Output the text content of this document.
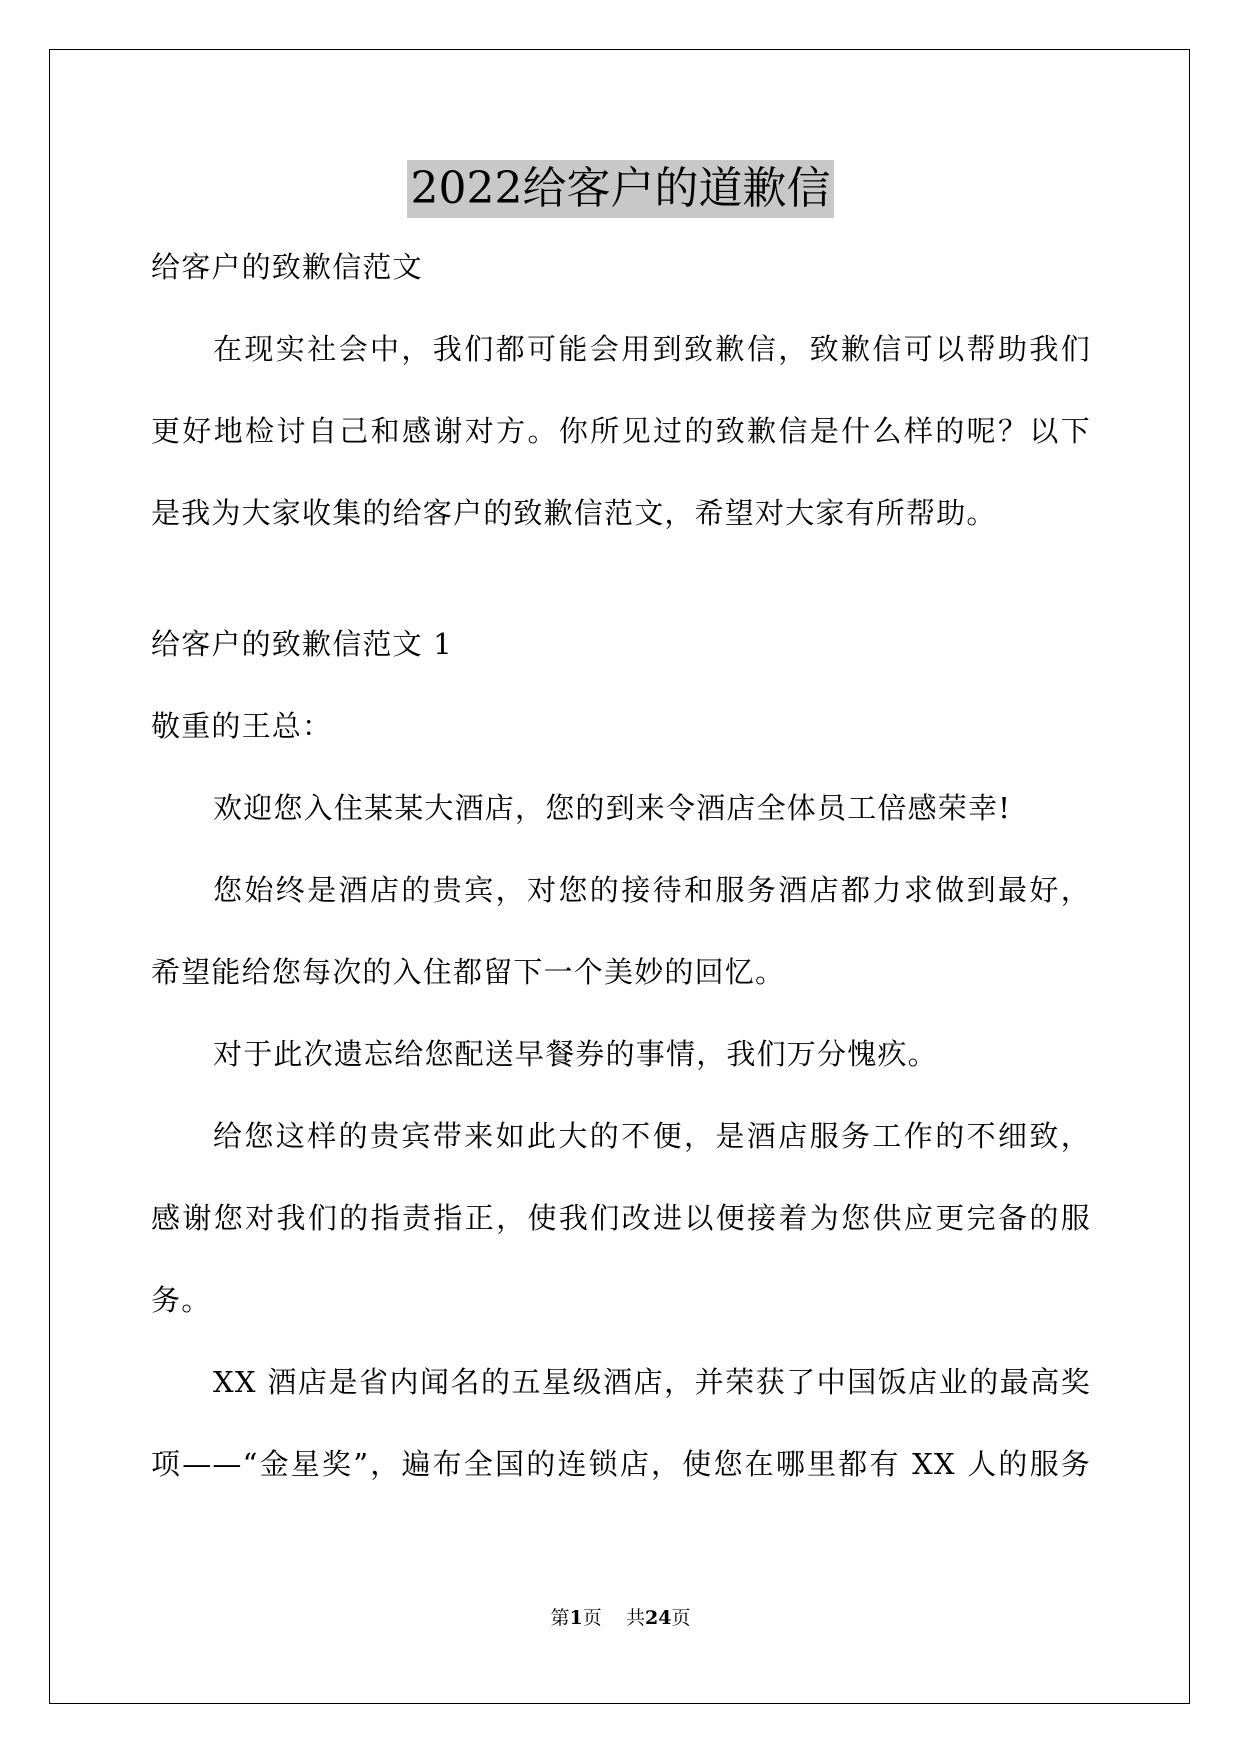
2022给客户的道歉信
给客户的致歉信范文
在现实社会中，我们都可能会用到致歉信，致歉信可以帮助我们
更好地检讨自己和感谢对方。你所见过的致歉信是什么样的呢？以下
是我为大家收集的给客户的致歉信范文，希望对大家有所帮助。
给客户的致歉信范文 1
敬重的王总：
欢迎您入住某某大酒店，您的到来令酒店全体员工倍感荣幸!
您始终是酒店的贵宾，对您的接待和服务酒店都力求做到最好，
希望能给您每次的入住都留下一个美妙的回忆。
对于此次遗忘给您配送早餐券的事情，我们万分愧疚。
给您这样的贵宾带来如此大的不便，是酒店服务工作的不细致，
感谢您对我们的指责指正，使我们改进以便接着为您供应更完备的服
务。
XX 酒店是省内闻名的五星级酒店，并荣获了中国饭店业的最高奖
项——“金星奖”，遍布全国的连锁店，使您在哪里都有 XX 人的服务
第1页 共24页
